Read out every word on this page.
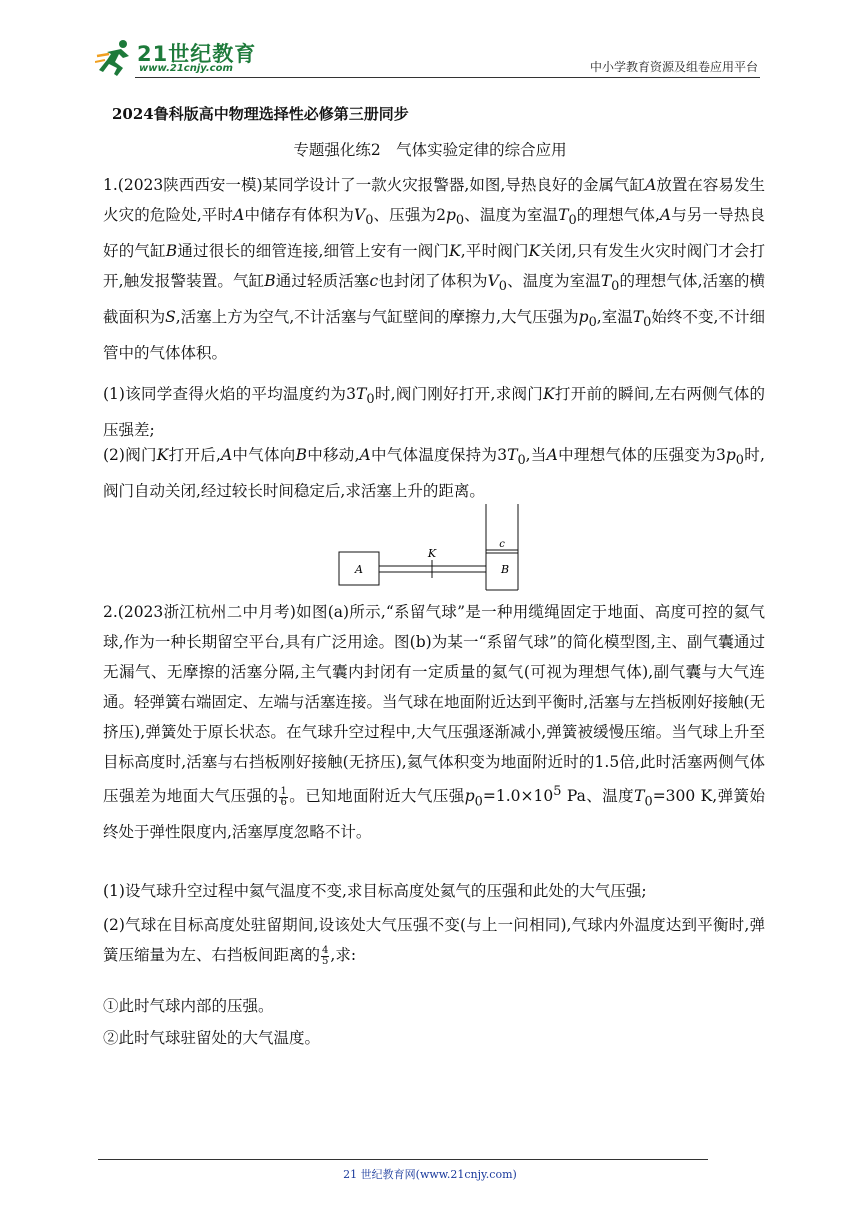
21世纪教育
www.21cnjy.com	中小学教育资源及组卷应用平台
2024鲁科版高中物理选择性必修第三册同步
专题强化练2　气体实验定律的综合应用

1.(2023陕西西安一模)某同学设计了一款火灾报警器,如图,导热良好的金属气缸A放置在容易发生火灾的危险处,平时A中储存有体积为$V_0$、压强为$2p_0$、温度为室温$T_0$的理想气体,A与另一导热良好的气缸B通过很长的细管连接,细管上安有一阀门K,平时阀门K关闭,只有发生火灾时阀门才会打开,触发报警装置。气缸B通过轻质活塞c也封闭了体积为$V_0$、温度为室温$T_0$的理想气体,活塞的横截面积为S,活塞上方为空气,不计活塞与气缸壁间的摩擦力,大气压强为$p_0$,室温$T_0$始终不变,不计细管中的气体体积。

(1)该同学查得火焰的平均温度约为$3T_0$时,阀门刚好打开,求阀门K打开前的瞬间,左右两侧气体的压强差;

(2)阀门K打开后,A中气体向B中移动,A中气体温度保持为$3T_0$,当A中理想气体的压强变为$3p_0$时,阀门自动关闭,经过较长时间稳定后,求活塞上升的距离。

A
K
c
B

2.(2023浙江杭州二中月考)如图(a)所示,“系留气球”是一种用缆绳固定于地面、高度可控的氦气球,作为一种长期留空平台,具有广泛用途。图(b)为某一“系留气球”的简化模型图,主、副气囊通过无漏气、无摩擦的活塞分隔,主气囊内封闭有一定质量的氦气(可视为理想气体),副气囊与大气连通。轻弹簧右端固定、左端与活塞连接。当气球在地面附近达到平衡时,活塞与左挡板刚好接触(无挤压),弹簧处于原长状态。在气球升空过程中,大气压强逐渐减小,弹簧被缓慢压缩。当气球上升至目标高度时,活塞与右挡板刚好接触(无挤压),氦气体积变为地面附近时的1.5倍,此时活塞两侧气体压强差为地面大气压强的 $\frac{1}{6}$ 。已知地面附近大气压强$p_0=1.0\times 10^5$ Pa、温度$T_0=300$ K,弹簧始终处于弹性限度内,活塞厚度忽略不计。

(1)设气球升空过程中氦气温度不变,求目标高度处氦气的压强和此处的大气压强;

(2)气球在目标高度处驻留期间,设该处大气压强不变(与上一问相同),气球内外温度达到平衡时,弹簧压缩量为左、右挡板间距离的 $\frac{4}{5}$ ,求:

①此时气球内部的压强。

②此时气球驻留处的大气温度。

21 世纪教育网(www.21cnjy.com)
